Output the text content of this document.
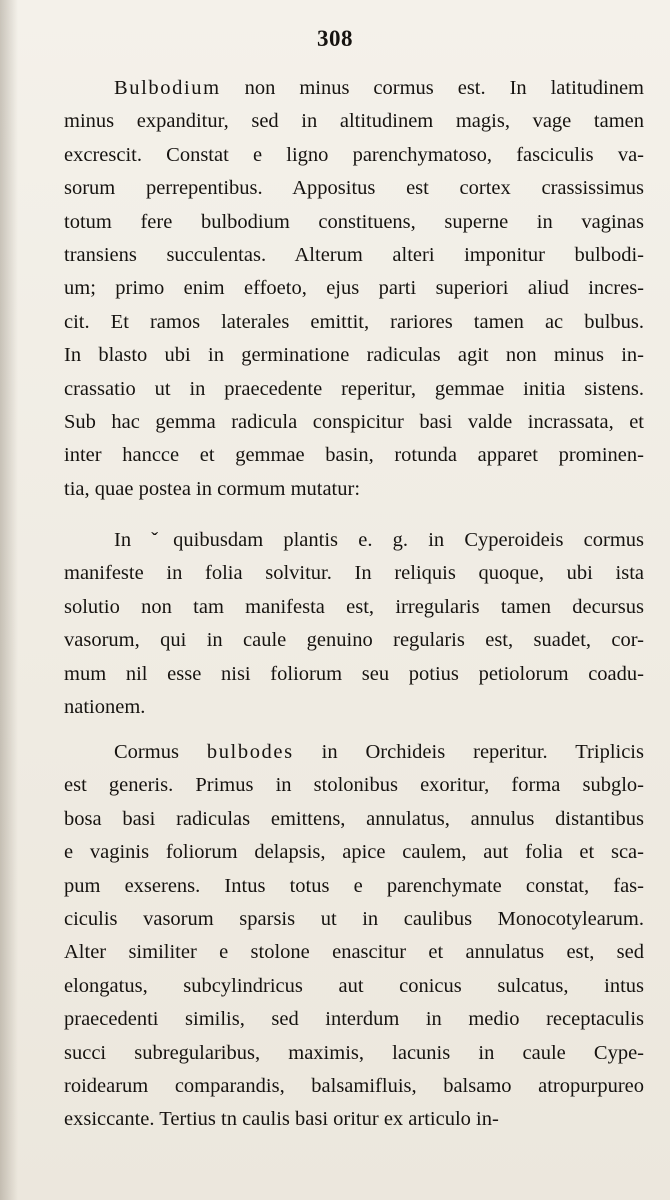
308
Bulbodium non minus cormus est. In latitudinem
minus expanditur, sed in altitudinem magis, vage tamen
excrescit. Constat e ligno parenchymatoso, fasciculis va-
sorum perrepentibus. Appositus est cortex crassissimus
totum fere bulbodium constituens, superne in vaginas
transiens succulentas. Alterum alteri imponitur bulbodi-
um; primo enim effoeto, ejus parti superiori aliud incres-
cit. Et ramos laterales emittit, rariores tamen ac bulbus.
In blasto ubi in germinatione radiculas agit non minus in-
crassatio ut in praecedente reperitur, gemmae initia sistens.
Sub hac gemma radicula conspicitur basi valde incrassata, et
inter hancce et gemmae basin, rotunda apparet prominen-
tia, quae postea in cormum mutatur:
In ˇquibusdam plantis e. g. in Cyperoideis cormus
manifeste in folia solvitur. In reliquis quoque, ubi ista
solutio non tam manifesta est, irregularis tamen decursus
vasorum, qui in caule genuino regularis est, suadet, cor-
mum nil esse nisi foliorum seu potius petiolorum coadu-
nationem.
Cormus bulbodes in Orchideis reperitur. Triplicis
est generis. Primus in stolonibus exoritur, forma subglo-
bosa basi radiculas emittens, annulatus, annulus distantibus
e vaginis foliorum delapsis, apice caulem, aut folia et sca-
pum exserens. Intus totus e parenchymate constat, fas-
ciculis vasorum sparsis ut in caulibus Monocotylearum.
Alter similiter e stolone enascitur et annulatus est, sed
elongatus, subcylindricus aut conicus sulcatus, intus
praecedenti similis, sed interdum in medio receptaculis
succi subregularibus, maximis, lacunis in caule Cype-
roidearum comparandis, balsamifluis, balsamo atropurpureo
exsiccante. Tertius tn caulis basi oritur ex articulo in-
